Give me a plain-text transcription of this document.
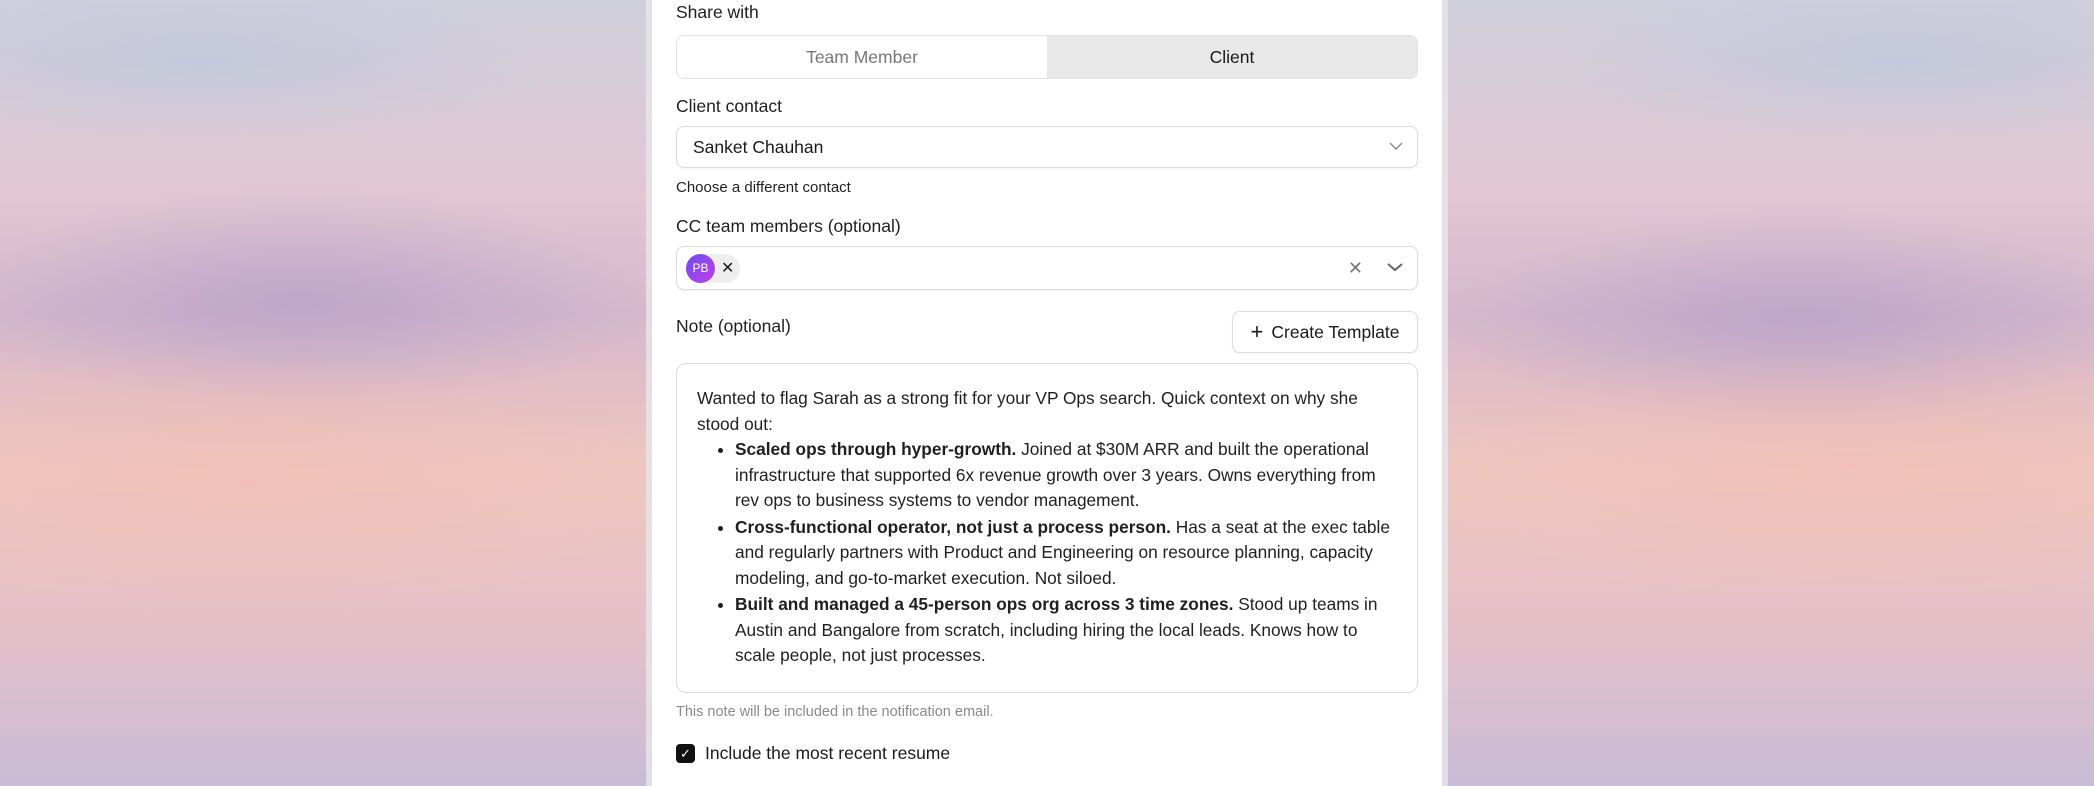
Share with
Team Member	Client
Client contact
Sanket Chauhan
Choose a different contact
CC team members (optional)
PB ✕	✕
Note (optional)	+ Create Template
Wanted to flag Sarah as a strong fit for your VP Ops search. Quick context on why she stood out:
• Scaled ops through hyper-growth. Joined at $30M ARR and built the operational infrastructure that supported 6x revenue growth over 3 years. Owns everything from rev ops to business systems to vendor management.
• Cross-functional operator, not just a process person. Has a seat at the exec table and regularly partners with Product and Engineering on resource planning, capacity modeling, and go-to-market execution. Not siloed.
• Built and managed a 45-person ops org across 3 time zones. Stood up teams in Austin and Bangalore from scratch, including hiring the local leads. Knows how to scale people, not just processes.
This note will be included in the notification email.
✓ Include the most recent resume
